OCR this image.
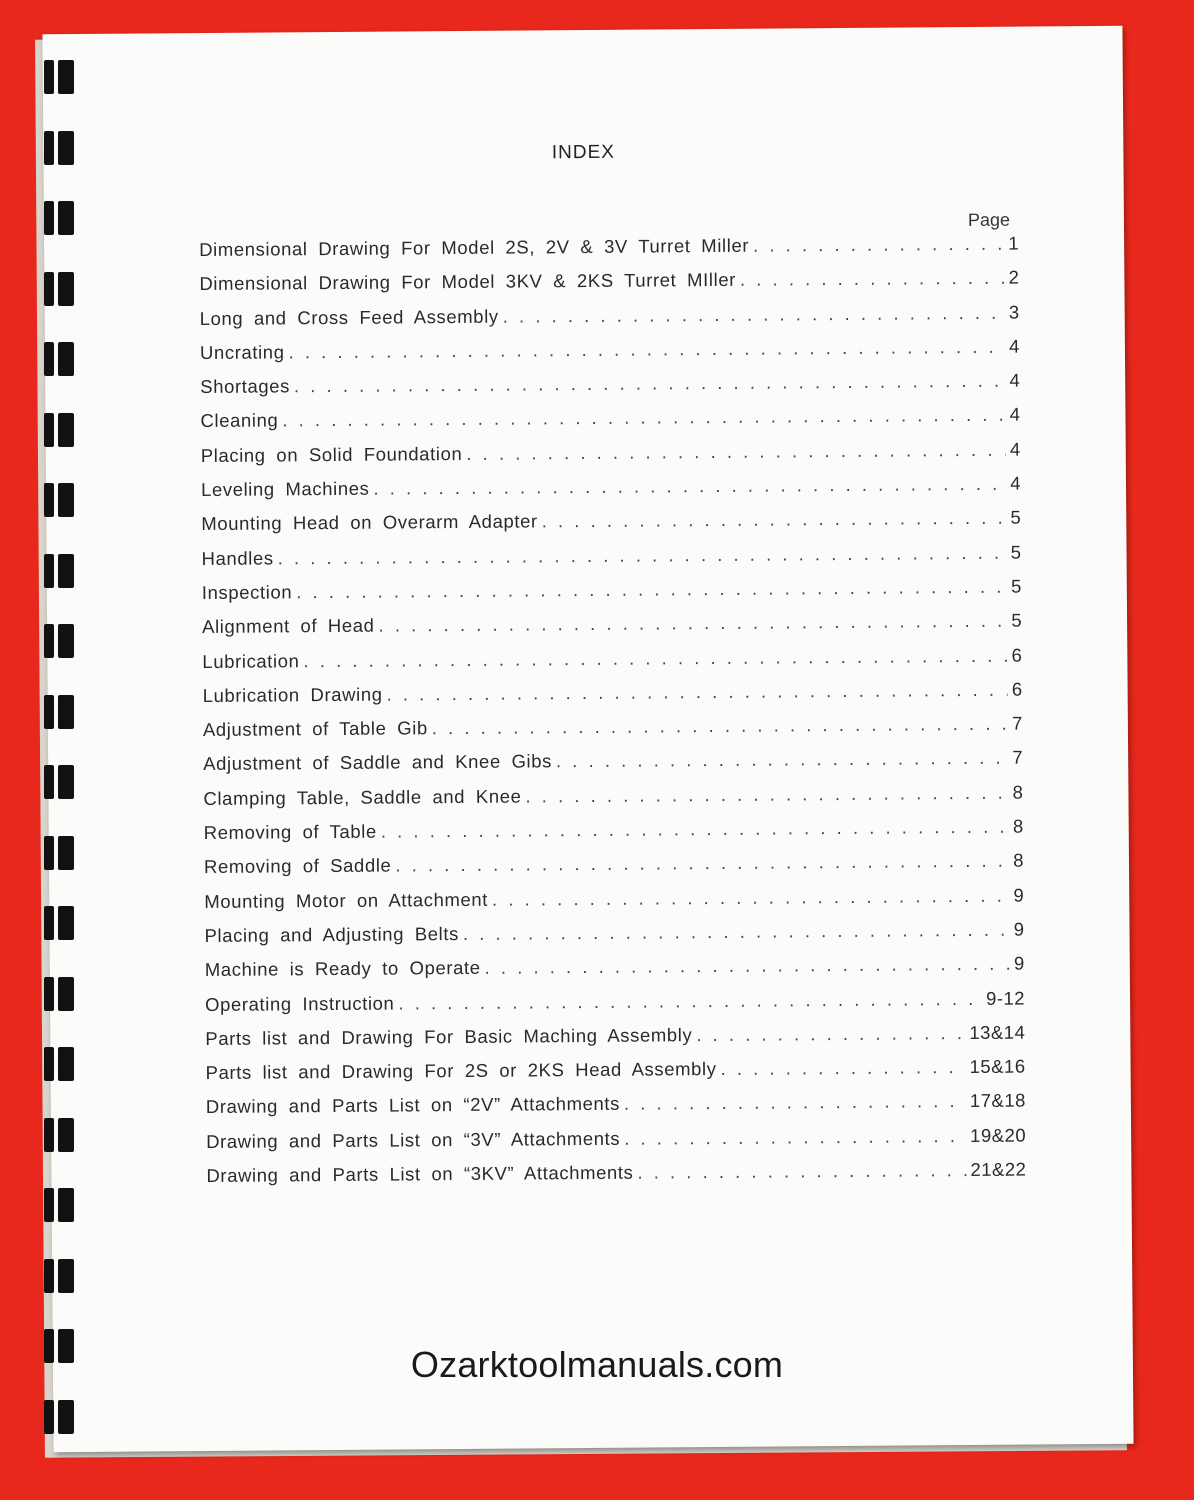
INDEX
Page
Dimensional Drawing For Model 2S, 2V & 3V Turret Miller . . .	1
Dimensional Drawing For Model 3KV & 2KS Turret MIller . . .	2
Long and Cross Feed Assembly . . .	3
Uncrating . . .	4
Shortages . . .	4
Cleaning . . .	4
Placing on Solid Foundation . . .	4
Leveling Machines . . .	4
Mounting Head on Overarm Adapter . . .	5
Handles . . .	5
Inspection . . .	5
Alignment of Head . . .	5
Lubrication . . .	6
Lubrication Drawing . . .	6
Adjustment of Table Gib . . .	7
Adjustment of Saddle and Knee Gibs . . .	7
Clamping Table, Saddle and Knee . . .	8
Removing of Table . . .	8
Removing of Saddle . . .	8
Mounting Motor on Attachment . . .	9
Placing and Adjusting Belts . . .	9
Machine is Ready to Operate . . .	9
Operating Instruction . . .	9-12
Parts list and Drawing For Basic Maching Assembly . . .	13&14
Parts list and Drawing For 2S or 2KS Head Assembly . . .	15&16
Drawing and Parts List on “2V” Attachments . . .	17&18
Drawing and Parts List on “3V” Attachments . . .	19&20
Drawing and Parts List on “3KV” Attachments . . .	21&22
Ozarktoolmanuals.com
